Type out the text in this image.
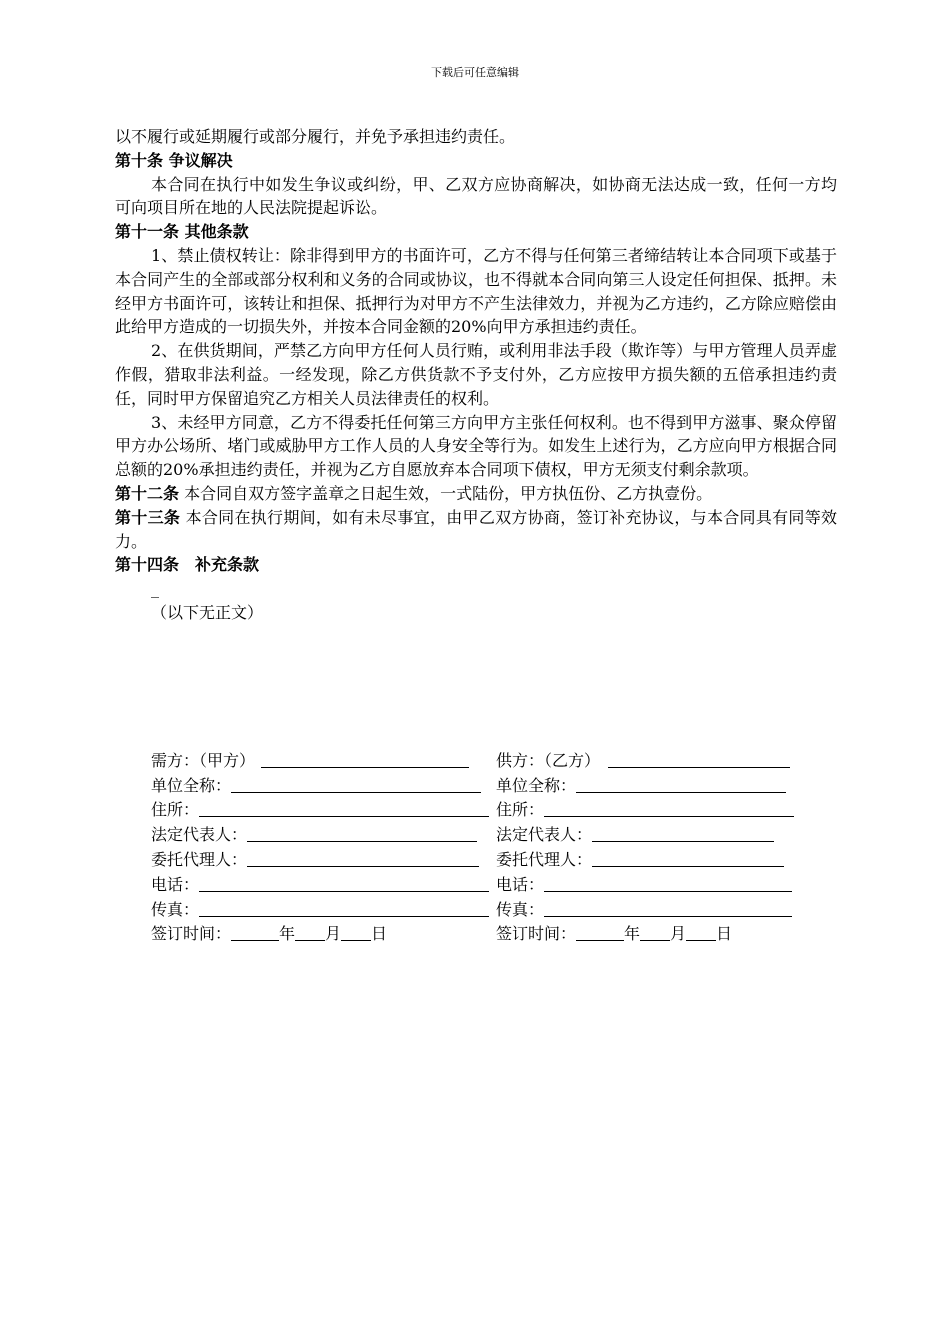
下载后可任意编辑

以不履行或延期履行或部分履行，并免予承担违约责任。

第十条 争议解决

本合同在执行中如发生争议或纠纷，甲、乙双方应协商解决，如协商无法达成一致，任何一方均可向项目所在地的人民法院提起诉讼。

第十一条 其他条款

1、禁止债权转让：除非得到甲方的书面许可，乙方不得与任何第三者缔结转让本合同项下或基于本合同产生的全部或部分权利和义务的合同或协议，也不得就本合同向第三人设定任何担保、抵押。未经甲方书面许可，该转让和担保、抵押行为对甲方不产生法律效力，并视为乙方违约，乙方除应赔偿由此给甲方造成的一切损失外，并按本合同金额的20%向甲方承担违约责任。

2、在供货期间，严禁乙方向甲方任何人员行贿，或利用非法手段（欺诈等）与甲方管理人员弄虚作假，猎取非法利益。一经发现，除乙方供货款不予支付外，乙方应按甲方损失额的五倍承担违约责任，同时甲方保留追究乙方相关人员法律责任的权利。

3、未经甲方同意，乙方不得委托任何第三方向甲方主张任何权利。也不得到甲方滋事、聚众停留甲方办公场所、堵门或威胁甲方工作人员的人身安全等行为。如发生上述行为，乙方应向甲方根据合同总额的20%承担违约责任，并视为乙方自愿放弃本合同项下债权，甲方无须支付剩余款项。

第十二条 本合同自双方签字盖章之日起生效，一式陆份，甲方执伍份、乙方执壹份。

第十三条 本合同在执行期间，如有未尽事宜，由甲乙双方协商，签订补充协议，与本合同具有同等效力。

第十四条　补充条款

_

（以下无正文）

需方：（甲方）	供方：（乙方）
单位全称：	单位全称：
住所：	住所：
法定代表人：	法定代表人：
委托代理人：	委托代理人：
电话：	电话：
传真：	传真：
签订时间：	年 月 日	签订时间：	年 月 日
